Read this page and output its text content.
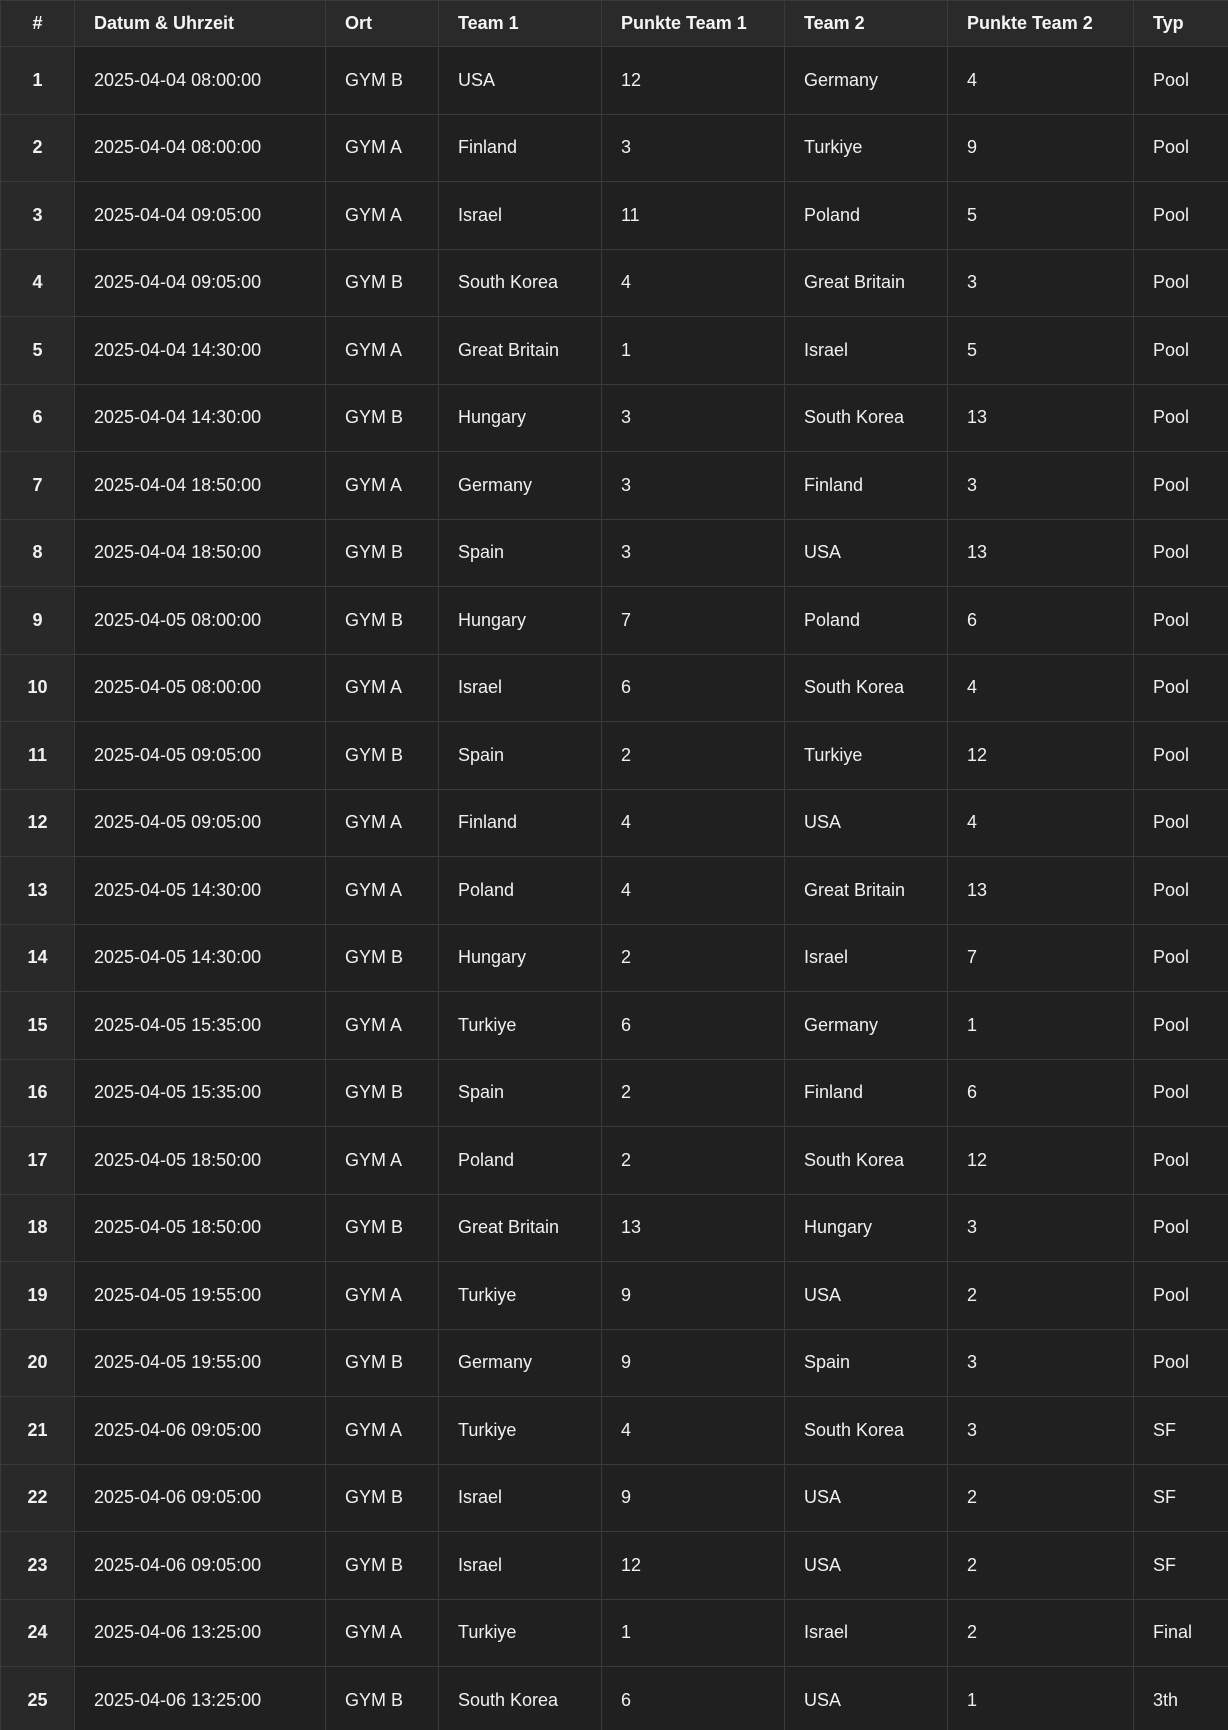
#	Datum & Uhrzeit	Ort	Team 1	Punkte Team 1	Team 2	Punkte Team 2	Typ
1	2025-04-04 08:00:00	GYM B	USA	12	Germany	4	Pool
2	2025-04-04 08:00:00	GYM A	Finland	3	Turkiye	9	Pool
3	2025-04-04 09:05:00	GYM A	Israel	11	Poland	5	Pool
4	2025-04-04 09:05:00	GYM B	South Korea	4	Great Britain	3	Pool
5	2025-04-04 14:30:00	GYM A	Great Britain	1	Israel	5	Pool
6	2025-04-04 14:30:00	GYM B	Hungary	3	South Korea	13	Pool
7	2025-04-04 18:50:00	GYM A	Germany	3	Finland	3	Pool
8	2025-04-04 18:50:00	GYM B	Spain	3	USA	13	Pool
9	2025-04-05 08:00:00	GYM B	Hungary	7	Poland	6	Pool
10	2025-04-05 08:00:00	GYM A	Israel	6	South Korea	4	Pool
11	2025-04-05 09:05:00	GYM B	Spain	2	Turkiye	12	Pool
12	2025-04-05 09:05:00	GYM A	Finland	4	USA	4	Pool
13	2025-04-05 14:30:00	GYM A	Poland	4	Great Britain	13	Pool
14	2025-04-05 14:30:00	GYM B	Hungary	2	Israel	7	Pool
15	2025-04-05 15:35:00	GYM A	Turkiye	6	Germany	1	Pool
16	2025-04-05 15:35:00	GYM B	Spain	2	Finland	6	Pool
17	2025-04-05 18:50:00	GYM A	Poland	2	South Korea	12	Pool
18	2025-04-05 18:50:00	GYM B	Great Britain	13	Hungary	3	Pool
19	2025-04-05 19:55:00	GYM A	Turkiye	9	USA	2	Pool
20	2025-04-05 19:55:00	GYM B	Germany	9	Spain	3	Pool
21	2025-04-06 09:05:00	GYM A	Turkiye	4	South Korea	3	SF
22	2025-04-06 09:05:00	GYM B	Israel	9	USA	2	SF
23	2025-04-06 09:05:00	GYM B	Israel	12	USA	2	SF
24	2025-04-06 13:25:00	GYM A	Turkiye	1	Israel	2	Final
25	2025-04-06 13:25:00	GYM B	South Korea	6	USA	1	3th
